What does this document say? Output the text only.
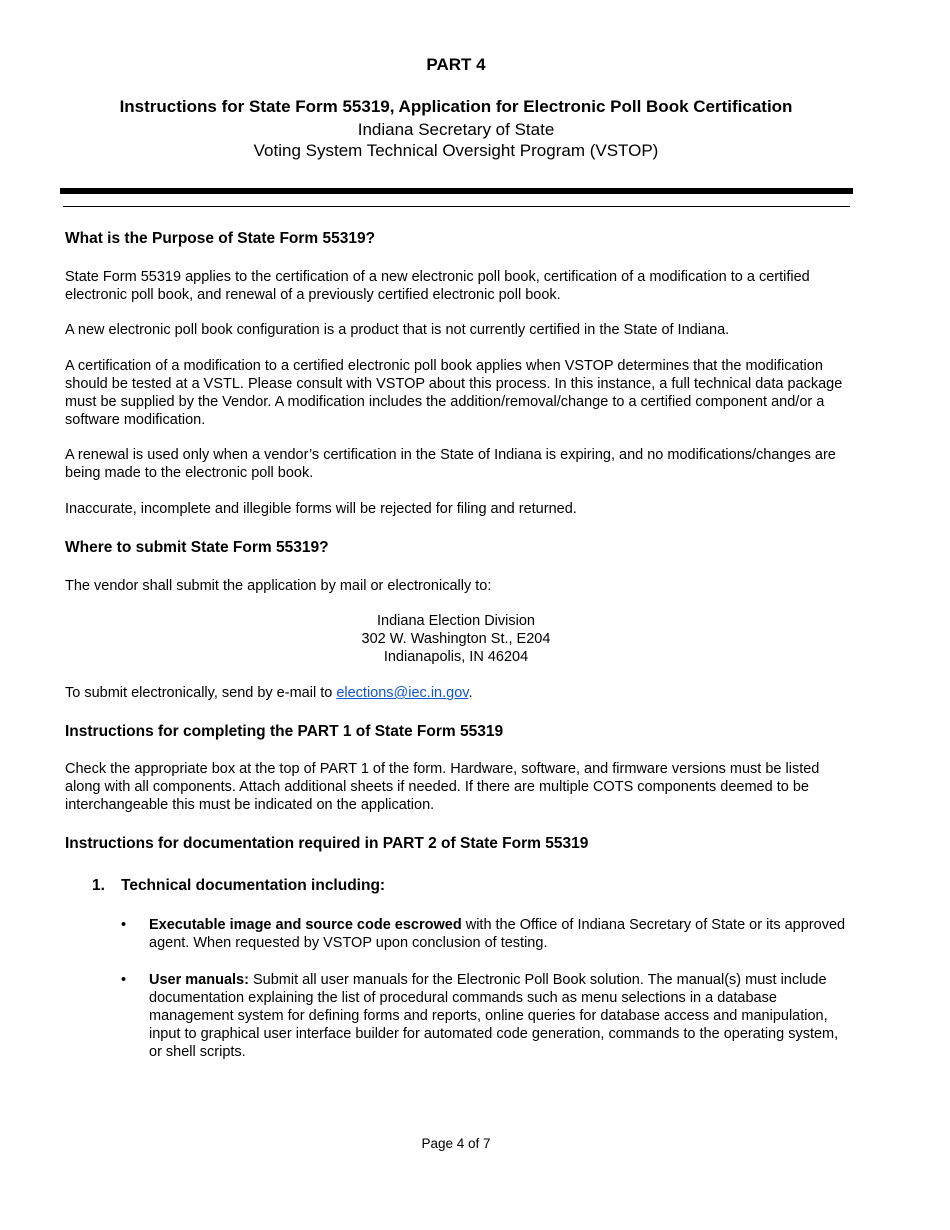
PART 4
Instructions for State Form 55319, Application for Electronic Poll Book Certification
Indiana Secretary of State
Voting System Technical Oversight Program (VSTOP)
What is the Purpose of State Form 55319?
State Form 55319 applies to the certification of a new electronic poll book, certification of a modification to a certified electronic poll book, and renewal of a previously certified electronic poll book.
A new electronic poll book configuration is a product that is not currently certified in the State of Indiana.
A certification of a modification to a certified electronic poll book applies when VSTOP determines that the modification should be tested at a VSTL. Please consult with VSTOP about this process. In this instance, a full technical data package must be supplied by the Vendor. A modification includes the addition/removal/change to a certified component and/or a software modification.
A renewal is used only when a vendor’s certification in the State of Indiana is expiring, and no modifications/changes are being made to the electronic poll book.
Inaccurate, incomplete and illegible forms will be rejected for filing and returned.
Where to submit State Form 55319?
The vendor shall submit the application by mail or electronically to:
Indiana Election Division
302 W. Washington St., E204
Indianapolis, IN 46204
To submit electronically, send by e-mail to elections@iec.in.gov.
Instructions for completing the PART 1 of State Form 55319
Check the appropriate box at the top of PART 1 of the form. Hardware, software, and firmware versions must be listed along with all components. Attach additional sheets if needed. If there are multiple COTS components deemed to be interchangeable this must be indicated on the application.
Instructions for documentation required in PART 2 of State Form 55319
1. Technical documentation including:
• Executable image and source code escrowed with the Office of Indiana Secretary of State or its approved agent. When requested by VSTOP upon conclusion of testing.
• User manuals: Submit all user manuals for the Electronic Poll Book solution. The manual(s) must include documentation explaining the list of procedural commands such as menu selections in a database management system for defining forms and reports, online queries for database access and manipulation, input to graphical user interface builder for automated code generation, commands to the operating system, or shell scripts.
Page 4 of 7
